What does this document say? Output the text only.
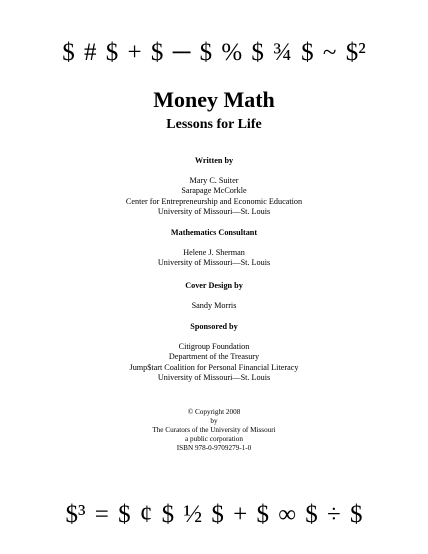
$ # $ + $ ─ $ % $ ¾ $ ~ $²
Money Math
Lessons for Life
Written by
Mary C. Suiter
Sarapage McCorkle
Center for Entrepreneurship and Economic Education
University of Missouri—St. Louis
Mathematics Consultant
Helene J. Sherman
University of Missouri—St. Louis
Cover Design by
Sandy Morris
Sponsored by
Citigroup Foundation
Department of the Treasury
Jump$tart Coalition for Personal Financial Literacy
University of Missouri—St. Louis
© Copyright 2008
by
The Curators of the University of Missouri
a public corporation
ISBN 978-0-9709279-1-0
$³ = $ ¢ $ ½ $ + $ ∞ $ ÷ $
